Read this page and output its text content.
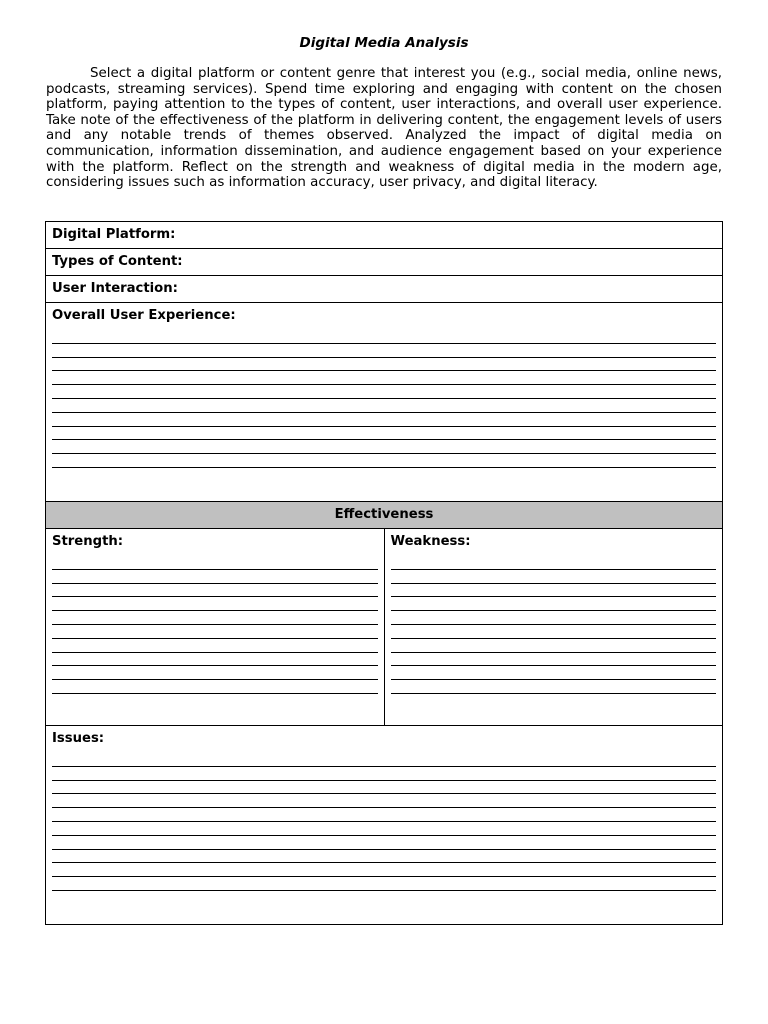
Digital Media Analysis

Select a digital platform or content genre that interest you (e.g., social media, online news, podcasts, streaming services). Spend time exploring and engaging with content on the chosen platform, paying attention to the types of content, user interactions, and overall user experience. Take note of the effectiveness of the platform in delivering content, the engagement levels of users and any notable trends of themes observed. Analyzed the impact of digital media on communication, information dissemination, and audience engagement based on your experience with the platform. Reflect on the strength and weakness of digital media in the modern age, considering issues such as information accuracy, user privacy, and digital literacy.

Digital Platform:

Types of Content:

User Interaction:

Overall User Experience:

Effectiveness

Strength:	Weakness:

Issues:
